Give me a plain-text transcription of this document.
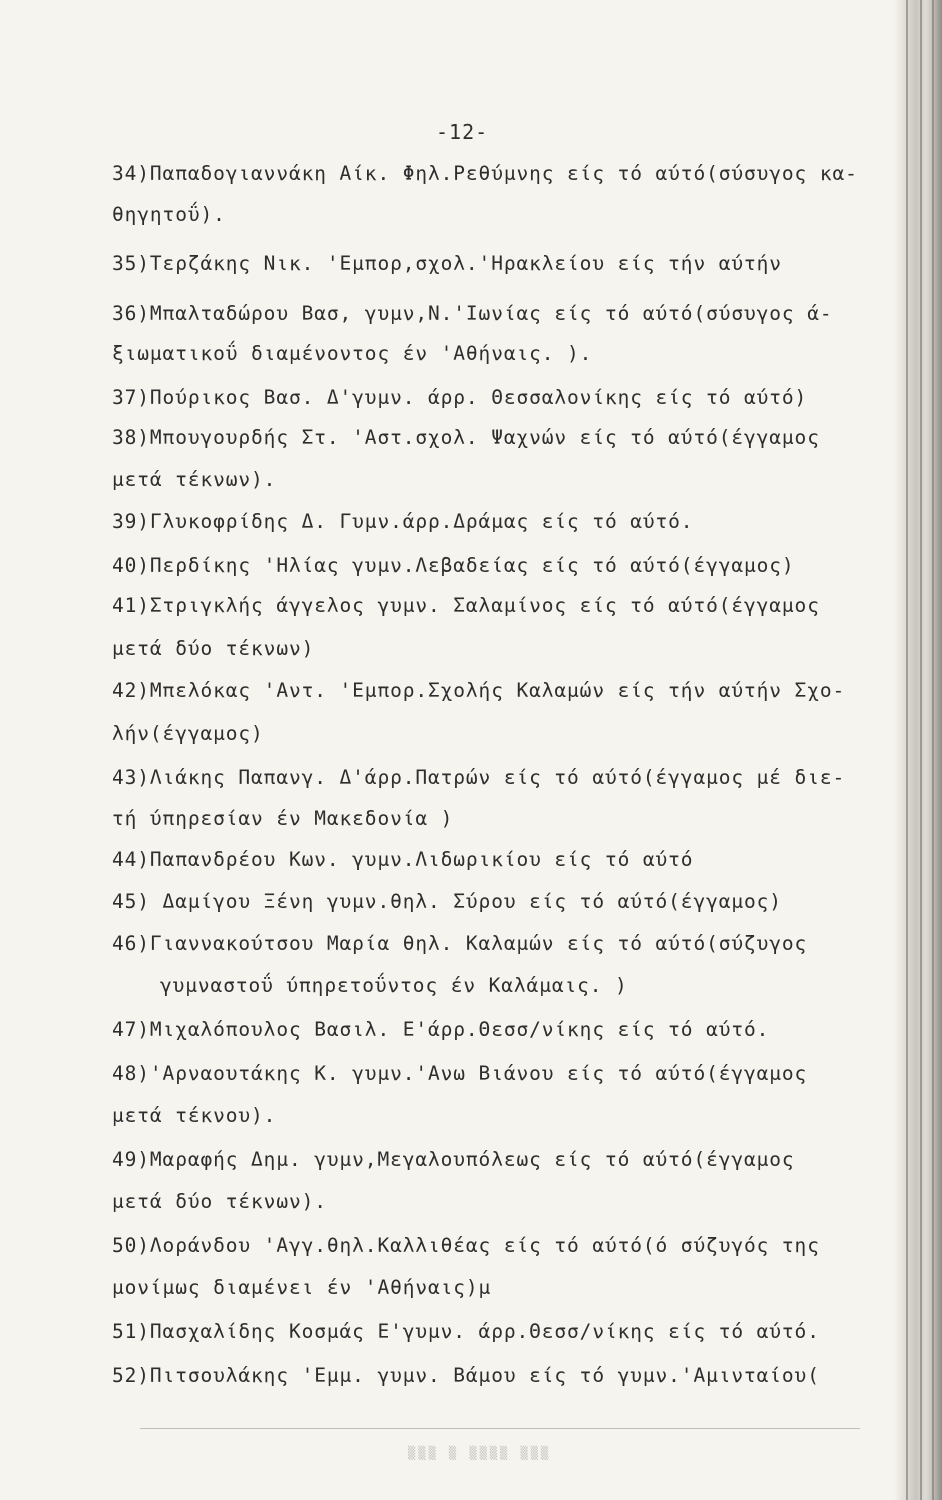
-12-
34)Παπαδογιαννάκη Αίκ. Φηλ.Ρεθύμνης είς τό αύτό(σύσυγος κα-
θηγητοΰ).
35)Τερζάκης Νικ. 'Εμπορ,σχολ.'Ηρακλείου είς τήν αύτήν
36)Μπαλταδώρου Βασ, γυμν,Ν.'Ιωνίας είς τό αύτό(σύσυγος ά-
ξιωματικοΰ διαμένοντος έν 'Αθήναις. ).
37)Πούρικος Βασ. Δ'γυμν. άρρ. Θεσσαλονίκης είς τό αύτό)
38)Μπουγουρδής Στ. 'Αστ.σχολ. Ψαχνών είς τό αύτό(έγγαμος
μετά τέκνων).
39)Γλυκοφρίδης Δ. Γυμν.άρρ.Δράμας είς τό αύτό.
40)Περδίκης 'Ηλίας γυμν.Λεβαδείας είς τό αύτό(έγγαμος)
41)Στριγκλής άγγελος γυμν. Σαλαμίνος είς τό αύτό(έγγαμος
μετά δύο τέκνων)
42)Μπελόκας 'Αντ. 'Εμπορ.Σχολής Καλαμών είς τήν αύτήν Σχο-
λήν(έγγαμος)
43)Λιάκης Παπανγ. Δ'άρρ.Πατρών είς τό αύτό(έγγαμος μέ διε-
τή ύπηρεσίαν έν Μακεδονία )
44)Παπανδρέου Κων. γυμν.Λιδωρικίου είς τό αύτό
45) Δαμίγου Ξένη γυμν.θηλ. Σύρου είς τό αύτό(έγγαμος)
46)Γιαννακούτσου Μαρία θηλ. Καλαμών είς τό αύτό(σύζυγος
γυμναστοΰ ύπηρετοΰντος έν Καλάμαις. )
47)Μιχαλόπουλος Βασιλ. Ε'άρρ.Θεσσ/νίκης είς τό αύτό.
48)'Αρναουτάκης Κ. γυμν.'Ανω Βιάνου είς τό αύτό(έγγαμος
μετά τέκνου).
49)Μαραφής Δημ. γυμν,Μεγαλουπόλεως είς τό αύτό(έγγαμος
μετά δύο τέκνων).
50)Λοράνδου 'Αγγ.θηλ.Καλλιθέας είς τό αύτό(ό σύζυγός της
μονίμως διαμένει έν 'Αθήναις)μ
51)Πασχαλίδης Κοσμάς Ε'γυμν. άρρ.Θεσσ/νίκης είς τό αύτό.
52)Πιτσουλάκης 'Εμμ. γυμν. Βάμου είς τό γυμν.'Αμινταίου(
▒▒▒ ▒ ▒▒▒▒ ▒▒▒
